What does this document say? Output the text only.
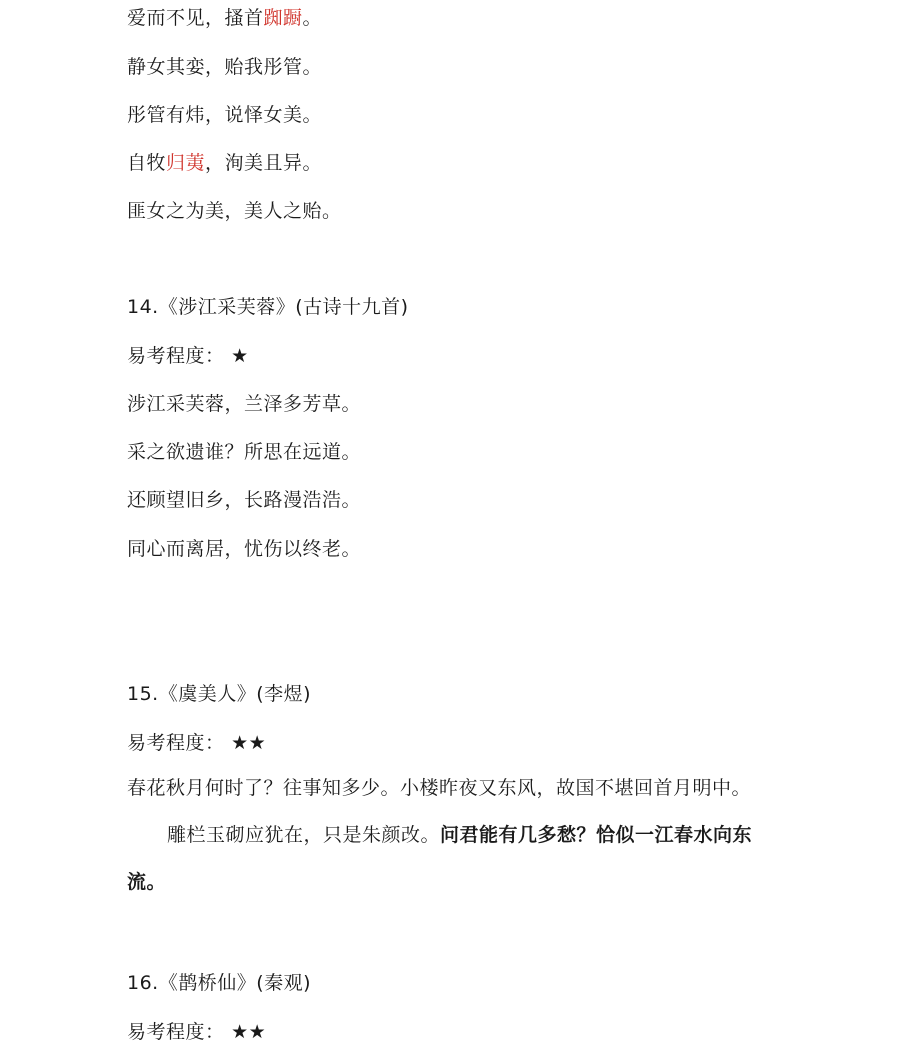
爱而不见，搔首踟蹰。
静女其娈，贻我彤管。
彤管有炜，说怿女美。
自牧归荑，洵美且异。
匪女之为美，美人之贻。
14.《涉江采芙蓉》(古诗十九首)
易考程度： ★
涉江采芙蓉，兰泽多芳草。
采之欲遗谁？所思在远道。
还顾望旧乡，长路漫浩浩。
同心而离居，忧伤以终老。
15.《虞美人》(李煜)
易考程度： ★★
春花秋月何时了？往事知多少。小楼昨夜又东风，故国不堪回首月明中。雕栏玉砌应犹在，只是朱颜改。问君能有几多愁？恰似一江春水向东流。
16.《鹊桥仙》(秦观)
易考程度： ★★
